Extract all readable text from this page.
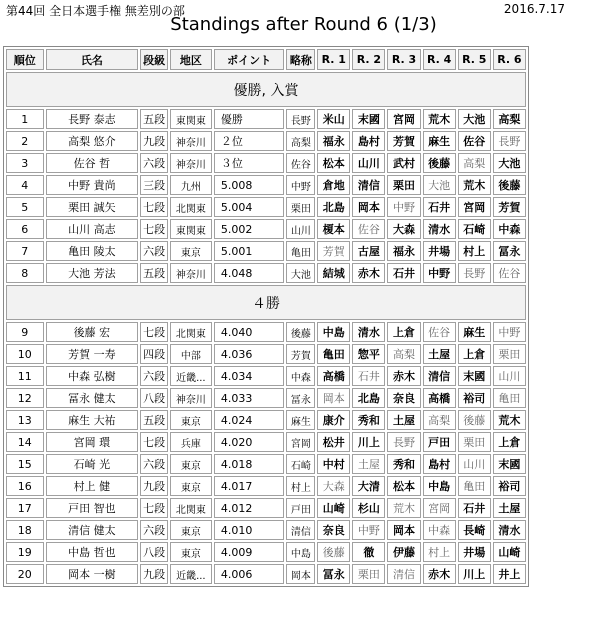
第44回 全日本選手権 無差別の部	2016.7.17
Standings after Round 6 (1/3)
順位	氏名	段級	地区	ポイント	略称	R. 1	R. 2	R. 3	R. 4	R. 5	R. 6
優勝, 入賞											
1	長野 泰志	五段	東関東	優勝	長野	米山	末國	宮岡	荒木	大池	高梨
2	高梨 悠介	九段	神奈川	２位	高梨	福永	島村	芳賀	麻生	佐谷	長野
3	佐谷 哲	六段	神奈川	３位	佐谷	松本	山川	武村	後藤	高梨	大池
4	中野 貴尚	三段	九州	5.008	中野	倉地	清信	栗田	大池	荒木	後藤
5	栗田 誠矢	七段	北関東	5.004	栗田	北島	岡本	中野	石井	宮岡	芳賀
6	山川 高志	七段	東関東	5.002	山川	榎本	佐谷	大森	清水	石崎	中森
7	亀田 陵太	六段	東京	5.001	亀田	芳賀	古屋	福永	井場	村上	冨永
8	大池 芳法	五段	神奈川	4.048	大池	結城	赤木	石井	中野	長野	佐谷
４勝											
9	後藤 宏	七段	北関東	4.040	後藤	中島	清水	上倉	佐谷	麻生	中野
10	芳賀 一寿	四段	中部	4.036	芳賀	亀田	惣平	高梨	土屋	上倉	栗田
11	中森 弘樹	六段	近畿...	4.034	中森	高橋	石井	赤木	清信	末國	山川
12	冨永 健太	八段	神奈川	4.033	冨永	岡本	北島	奈良	高橋	裕司	亀田
13	麻生 大祐	五段	東京	4.024	麻生	康介	秀和	土屋	高梨	後藤	荒木
14	宮岡 環	七段	兵庫	4.020	宮岡	松井	川上	長野	戸田	栗田	上倉
15	石崎 光	六段	東京	4.018	石崎	中村	土屋	秀和	島村	山川	末國
16	村上 健	九段	東京	4.017	村上	大森	大清	松本	中島	亀田	裕司
17	戸田 智也	七段	北関東	4.012	戸田	山崎	杉山	荒木	宮岡	石井	土屋
18	清信 健太	六段	東京	4.010	清信	奈良	中野	岡本	中森	長崎	清水
19	中島 哲也	八段	東京	4.009	中島	後藤	徹	伊藤	村上	井場	山崎
20	岡本 一樹	九段	近畿...	4.006	岡本	冨永	栗田	清信	赤木	川上	井上
